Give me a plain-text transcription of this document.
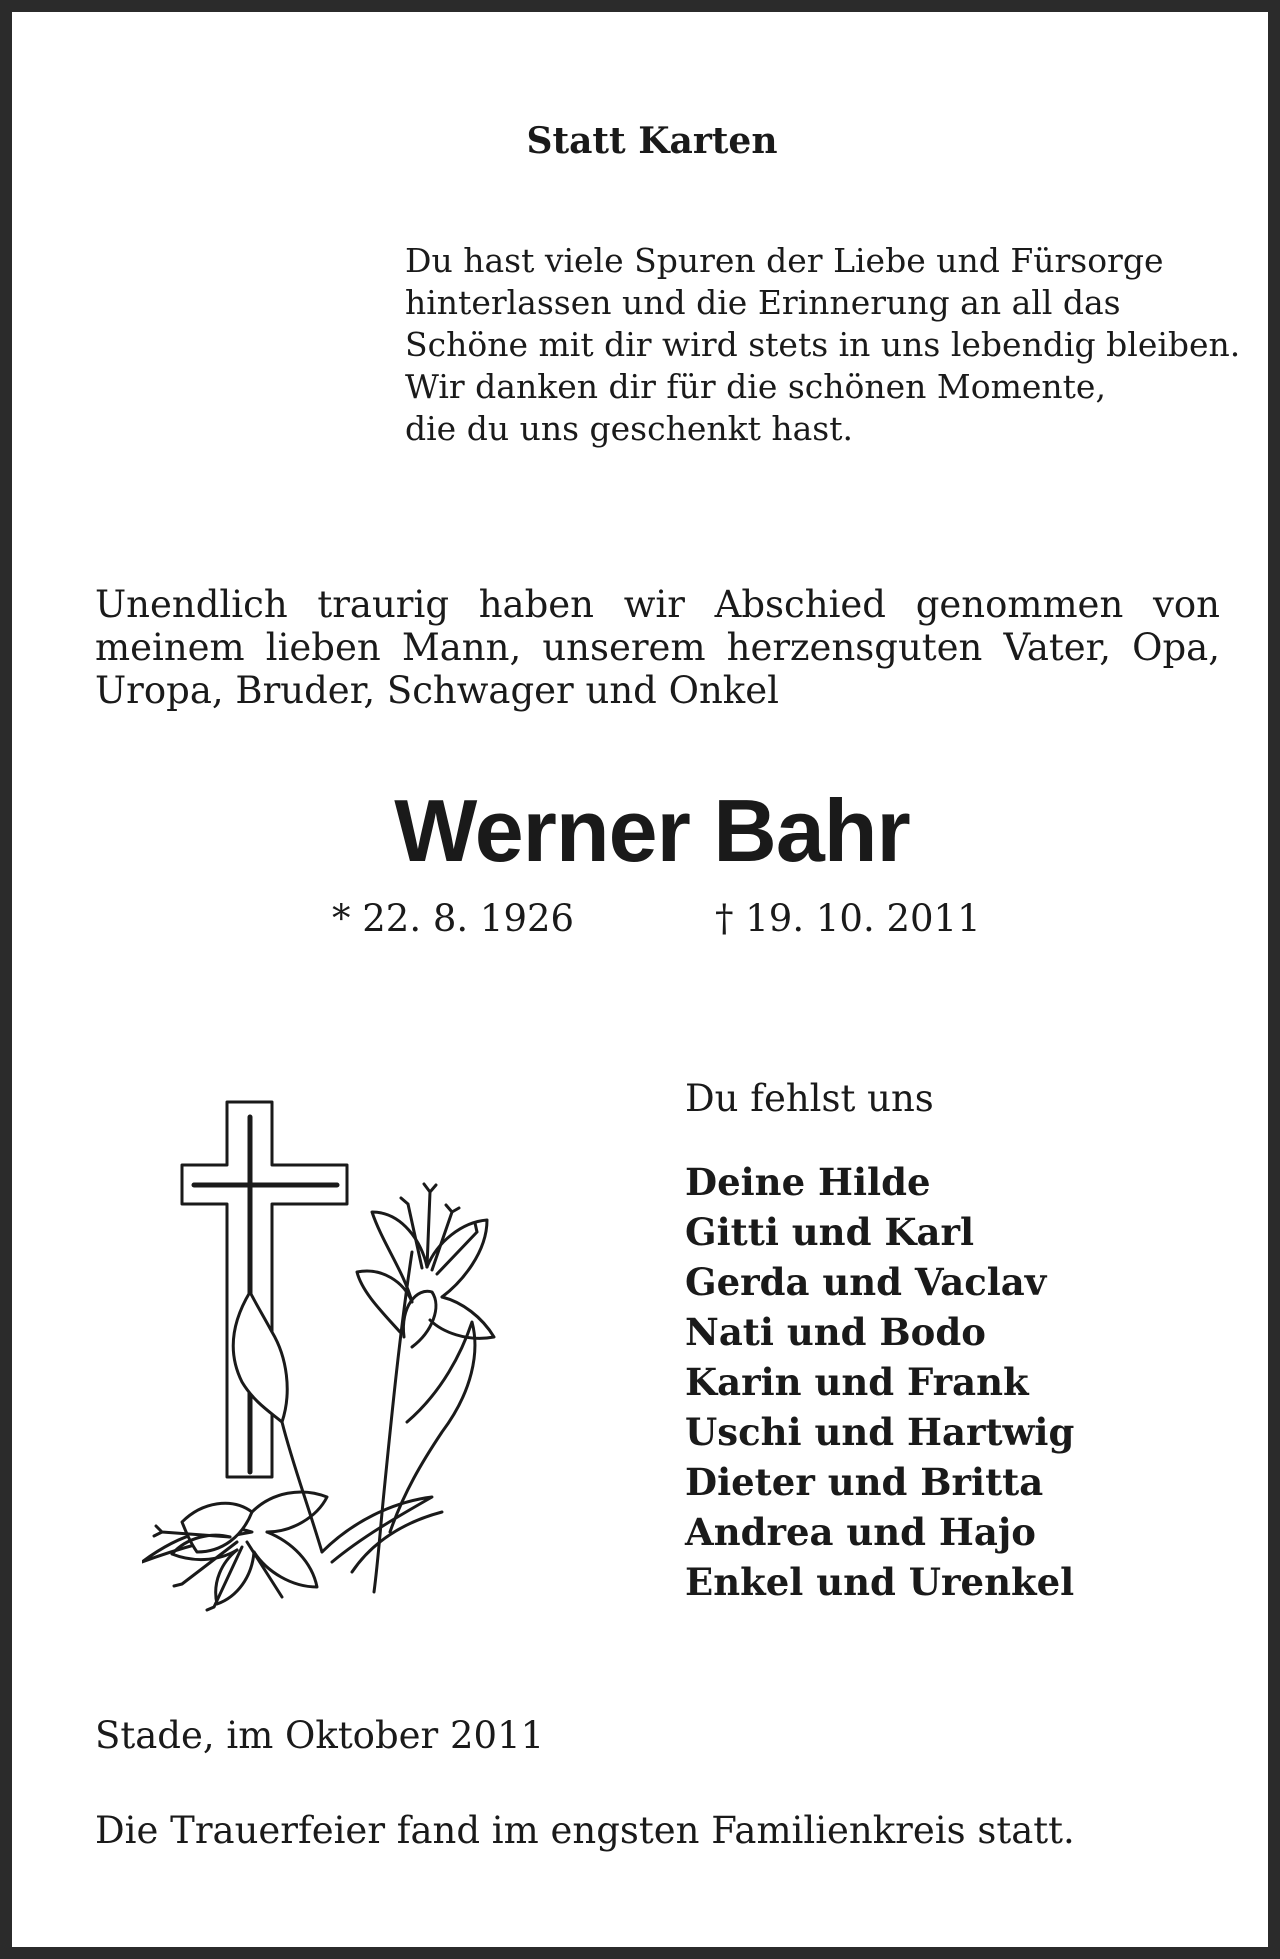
Statt Karten
Du hast viele Spuren der Liebe und Fürsorge
hinterlassen und die Erinnerung an all das
Schöne mit dir wird stets in uns lebendig bleiben.
Wir danken dir für die schönen Momente,
die du uns geschenkt hast.
Unendlich traurig haben wir Abschied genommen von meinem lieben Mann, unserem herzensguten Vater, Opa, Uropa, Bruder, Schwager und Onkel
Werner Bahr
* 22. 8. 1926	† 19. 10. 2011
Du fehlst uns
Deine Hilde
Gitti und Karl
Gerda und Vaclav
Nati und Bodo
Karin und Frank
Uschi und Hartwig
Dieter und Britta
Andrea und Hajo
Enkel und Urenkel
Stade, im Oktober 2011
Die Trauerfeier fand im engsten Familienkreis statt.
